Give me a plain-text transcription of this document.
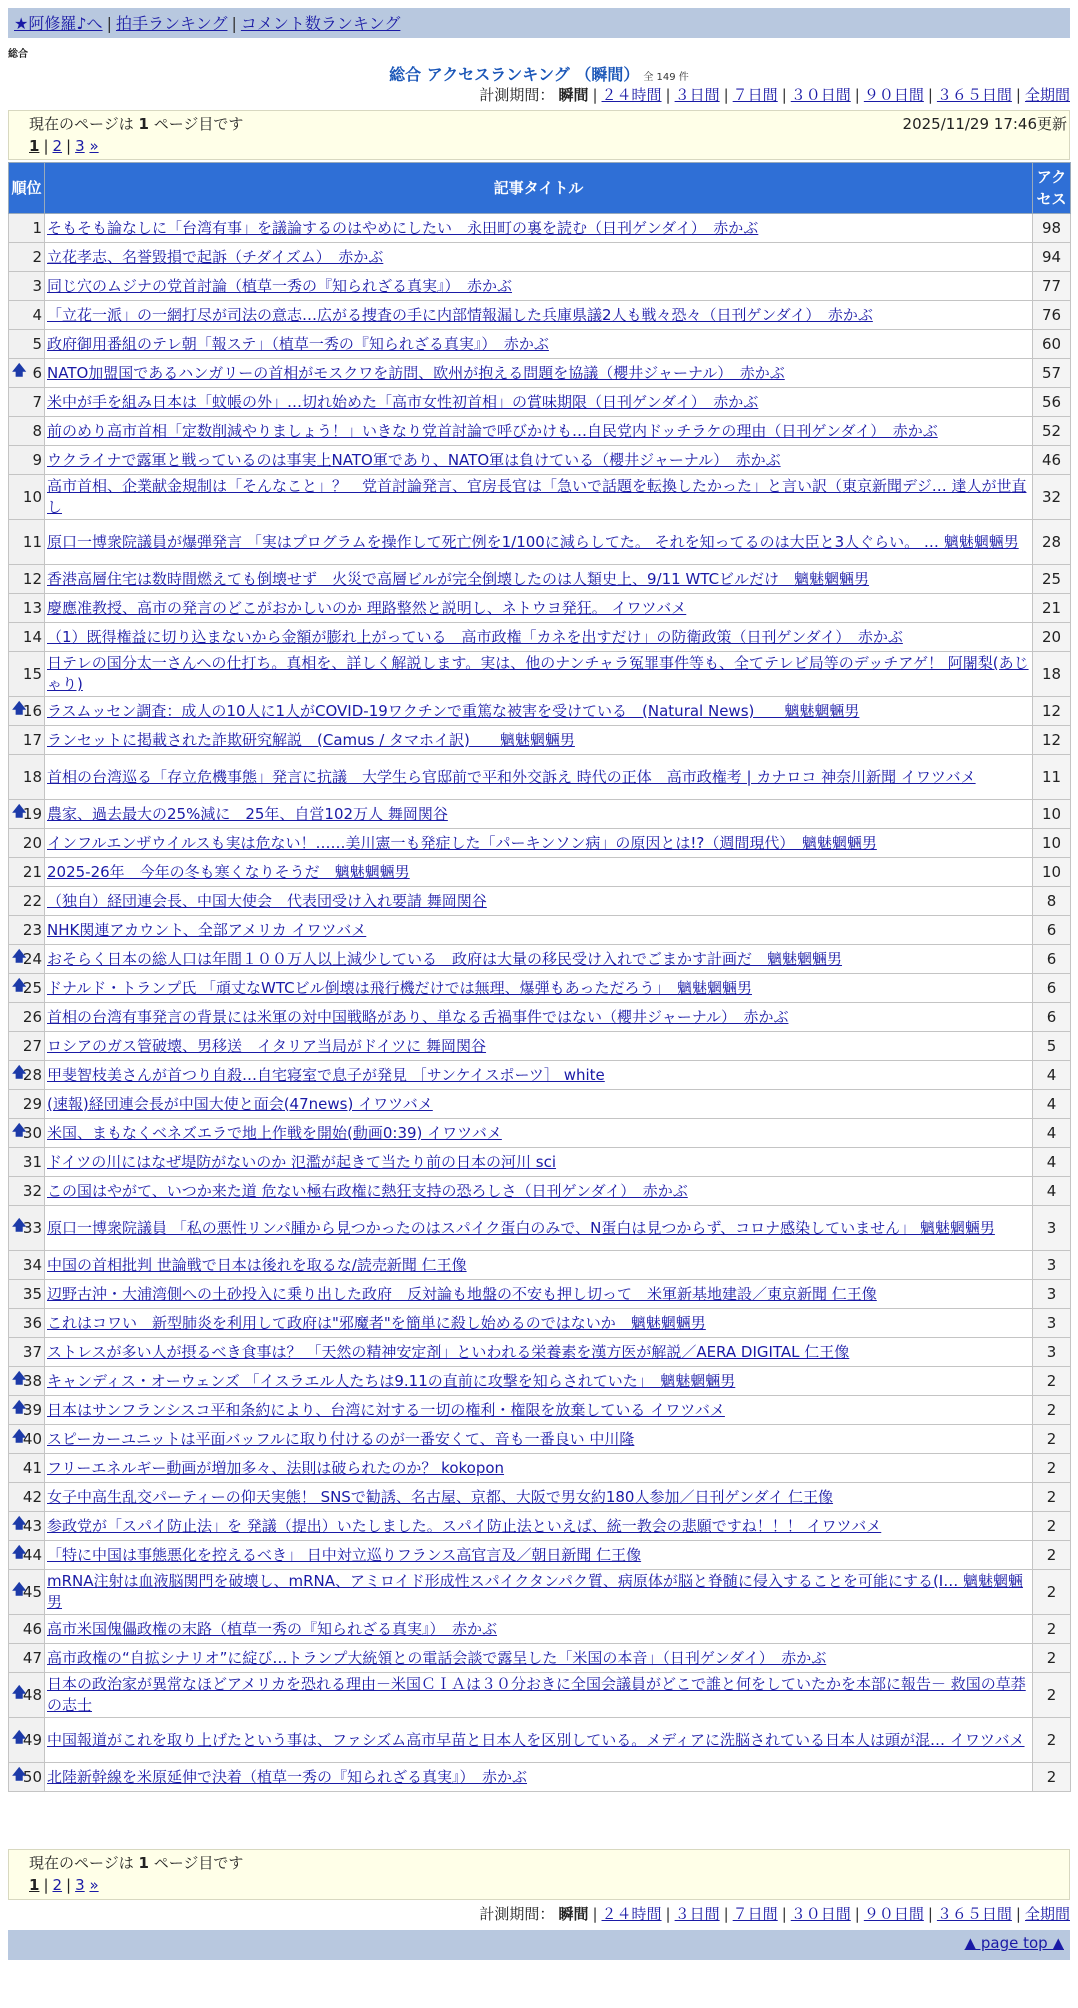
★阿修羅♪へ | 拍手ランキング | コメント数ランキング
総合
総合 アクセスランキング （瞬間） 全 149 件
計測期間： 瞬間 | ２４時間 | ３日間 | ７日間 | ３０日間 | ９０日間 | ３６５日間 | 全期間
現在のページは 1 ページ目です	2025/11/29 17:46更新
1 | 2 | 3 »
順位	記事タイトル	アクセス
1	そもそも論なしに「台湾有事」を議論するのはやめにしたい　永田町の裏を読む（日刊ゲンダイ）　赤かぶ	98
2	立花孝志、名誉毀損で起訴（チダイズム）　赤かぶ	94
3	同じ穴のムジナの党首討論（植草一秀の『知られざる真実』）　赤かぶ	77
4	「立花一派」の一網打尽が司法の意志…広がる捜査の手に内部情報漏した兵庫県議2人も戦々恐々（日刊ゲンダイ）　赤かぶ	76
5	政府御用番組のテレ朝「報ステ」（植草一秀の『知られざる真実』）　赤かぶ	60

🡅 6	NATO加盟国であるハンガリーの首相がモスクワを訪問、欧州が抱える問題を協議（櫻井ジャーナル）　赤かぶ	57
7	米中が手を組み日本は「蚊帳の外」…切れ始めた「高市女性初首相」の賞味期限（日刊ゲンダイ）　赤かぶ	56
8	前のめり高市首相「定数削減やりましょう！」いきなり党首討論で呼びかけも…自民党内ドッチラケの理由（日刊ゲンダイ）　赤かぶ	52
9	ウクライナで露軍と戦っているのは事実上NATO軍であり、NATO軍は負けている（櫻井ジャーナル）　赤かぶ	46
10	高市首相、企業献金規制は「そんなこと」？　党首討論発言、官房長官は「急いで話題を転換したかった」と言い訳（東京新聞デジ… 達人が世直し	32
11	原口一博衆院議員が爆弾発言 「実はプログラムを操作して死亡例を1/100に減らしてた。 それを知ってるのは大臣と3人ぐらい。 … 魑魅魍魎男	28
12	香港高層住宅は数時間燃えても倒壊せず　火災で高層ビルが完全倒壊したのは人類史上、9/11 WTCビルだけ　魑魅魍魎男	25
13	慶應准教授、高市の発言のどこがおかしいのか 理路整然と説明し、ネトウヨ発狂。 イワツバメ	21
14	（1）既得権益に切り込まないから金額が膨れ上がっている　高市政権「カネを出すだけ」の防衛政策（日刊ゲンダイ）　赤かぶ	20
15	日テレの国分太一さんへの仕打ち。真相を、詳しく解説します。実は、他のナンチャラ冤罪事件等も、全てテレビ局等のデッチアゲ！ 阿闍梨(あじゃり)	18

🡅
16	ラスムッセン調査：成人の10人に1人がCOVID-19ワクチンで重篤な被害を受けている　(Natural News)　　魑魅魍魎男	12
17	ランセットに掲載された詐欺研究解説　(Camus / タマホイ訳)　　魑魅魍魎男	12
18	首相の台湾巡る「存立危機事態」発言に抗議　大学生ら官邸前で平和外交訴え 時代の正体　高市政権考 | カナロコ 神奈川新聞 イワツバメ	11

🡅
19	農家、過去最大の25%減に　25年、自営102万人 舞岡関谷	10
20	インフルエンザウイルスも実は危ない！……美川憲一も発症した「パーキンソン病」の原因とは!?（週間現代）　魑魅魍魎男	10
21	2025-26年　今年の冬も寒くなりそうだ　魑魅魍魎男	10
22	（独自）経団連会長、中国大使会　代表団受け入れ要請 舞岡関谷	8
23	NHK関連アカウント、全部アメリカ イワツバメ	6

🡅
24	おそらく日本の総人口は年間１００万人以上減少している　政府は大量の移民受け入れでごまかす計画だ　魑魅魍魎男	6

🡅
25	ドナルド・トランプ氏 「頑丈なWTCビル倒壊は飛行機だけでは無理、爆弾もあっただろう」　魑魅魍魎男	6
26	首相の台湾有事発言の背景には米軍の対中国戦略があり、単なる舌禍事件ではない（櫻井ジャーナル）　赤かぶ	6
27	ロシアのガス管破壊、男移送　イタリア当局がドイツに 舞岡関谷	5

🡅
28	甲斐智枝美さんが首つり自殺…自宅寝室で息子が発見 ［サンケイスポーツ］ white	4
29	(速報)経団連会長が中国大使と面会(47news) イワツバメ	4

🡅
30	米国、まもなくベネズエラで地上作戦を開始(動画0:39) イワツバメ	4
31	ドイツの川にはなぜ堤防がないのか 氾濫が起きて当たり前の日本の河川 sci	4
32	この国はやがて、いつか来た道 危ない極右政権に熱狂支持の恐ろしさ（日刊ゲンダイ）　赤かぶ	4

🡅
33	原口一博衆院議員 「私の悪性リンパ腫から見つかったのはスパイク蛋白のみで、N蛋白は見つからず、コロナ感染していません」 魑魅魍魎男	3
34	中国の首相批判 世論戦で日本は後れを取るな/読売新聞 仁王像	3
35	辺野古沖・大浦湾側への土砂投入に乗り出した政府　反対論も地盤の不安も押し切って　米軍新基地建設／東京新聞 仁王像	3
36	これはコワい　新型肺炎を利用して政府は"邪魔者"を簡単に殺し始めるのではないか　魑魅魍魎男	3
37	ストレスが多い人が摂るべき食事は？ 「天然の精神安定剤」といわれる栄養素を漢方医が解説／AERA DIGITAL 仁王像	3

🡅
38	キャンディス・オーウェンズ 「イスラエル人たちは9.11の直前に攻撃を知らされていた」　魑魅魍魎男	2

🡅
39	日本はサンフランシスコ平和条約により、台湾に対する一切の権利・権限を放棄している イワツバメ	2

🡅
40	スピーカーユニットは平面バッフルに取り付けるのが一番安くて、音も一番良い 中川隆	2
41	フリーエネルギー動画が増加多々、法則は破られたのか？ kokopon	2
42	女子中高生乱交パーティーの仰天実態！ SNSで勧誘、名古屋、京都、大阪で男女約180人参加／日刊ゲンダイ 仁王像	2

🡅
43	参政党が「スパイ防止法」を 発議（提出）いたしました。スパイ防止法といえば、統一教会の悲願ですね！！！ イワツバメ	2

🡅
44	「特に中国は事態悪化を控えるべき」 日中対立巡りフランス高官言及／朝日新聞 仁王像	2

🡅
45	mRNA注射は血液脳関門を破壊し、mRNA、アミロイド形成性スパイクタンパク質、病原体が脳と脊髄に侵入することを可能にする(I… 魑魅魍魎男	2
46	高市米国傀儡政権の末路（植草一秀の『知られざる真実』）　赤かぶ	2
47	高市政権の“自拡シナリオ”に綻び…トランプ大統領との電話会談で露呈した「米国の本音」（日刊ゲンダイ）　赤かぶ	2

🡅
48	日本の政治家が異常なほどアメリカを恐れる理由－米国ＣＩＡは３０分おきに全国会議員がどこで誰と何をしていたかを本部に報告－ 救国の草莽の志士	2

🡅
49	中国報道がこれを取り上げたという事は、ファシズム高市早苗と日本人を区別している。メディアに洗脳されている日本人は頭が混… イワツバメ	2

🡅
50	北陸新幹線を米原延伸で決着（植草一秀の『知られざる真実』）　赤かぶ	2
現在のページは 1 ページ目です
1 | 2 | 3 »
計測期間： 瞬間 | ２４時間 | ３日間 | ７日間 | ３０日間 | ９０日間 | ３６５日間 | 全期間
▲ page top ▲
